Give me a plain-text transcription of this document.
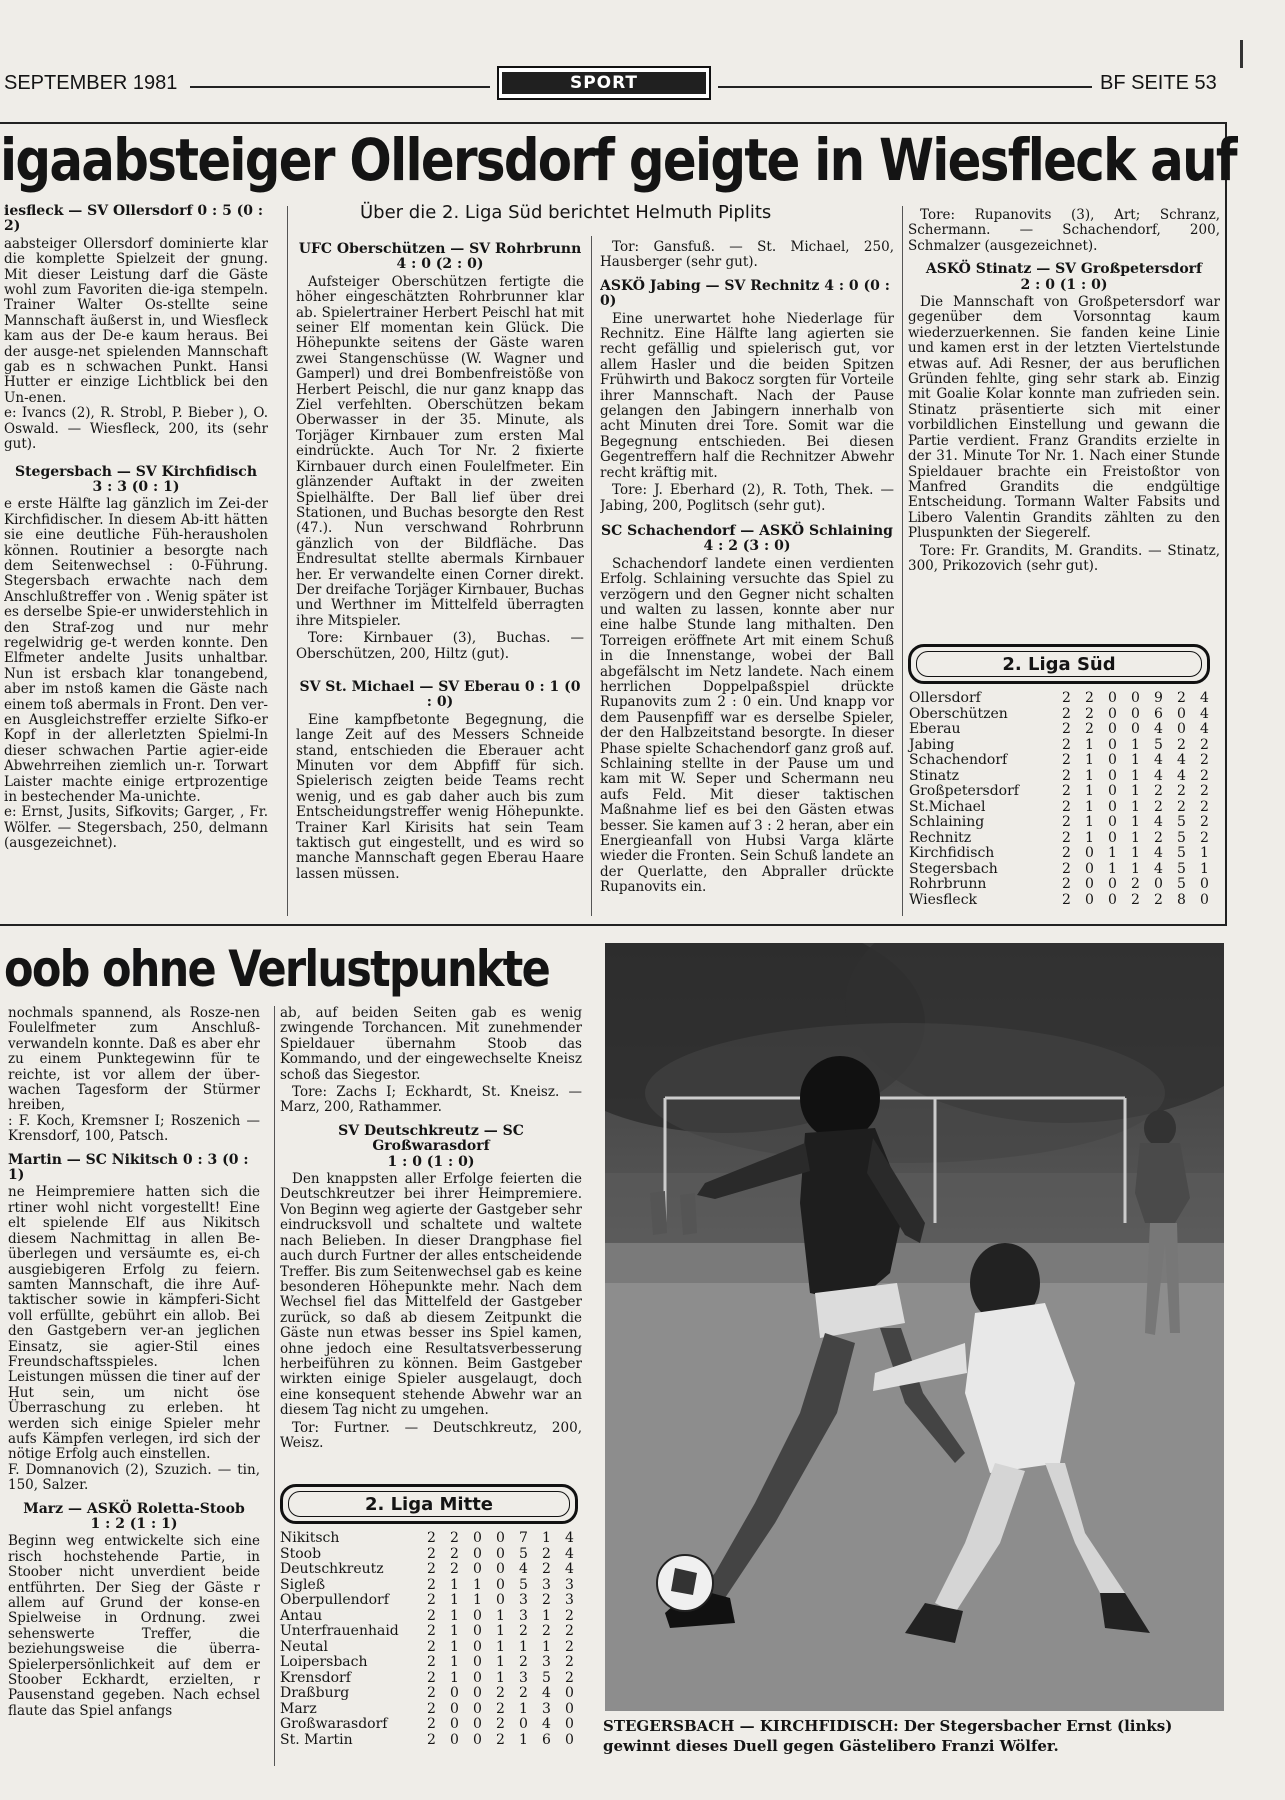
SEPTEMBER 1981	SPORT	BF SEITE 53
igaabsteiger Ollersdorf geigte in Wiesfleck auf
Über die 2. Liga Süd berichtet Helmuth Piplits
iesfleck — SV Ollersdorf 0 : 5 (0 : 2)

aabsteiger Ollersdorf dominierte klar die komplette Spielzeit der gnung. Mit dieser Leistung darf die Gäste wohl zum Favoriten die-iga stempeln. Trainer Walter Os-stellte seine Mannschaft äußerst in, und Wiesfleck kam aus der De-e kaum heraus. Bei der ausge-net spielenden Mannschaft gab es n schwachen Punkt. Hansi Hutter er einzige Lichtblick bei den Un-enen.

e: Ivancs (2), R. Strobl, P. Bieber ), O. Oswald. — Wiesfleck, 200, its (sehr gut).

Stegersbach — SV Kirchfidisch
3 : 3 (0 : 1)

e erste Hälfte lag gänzlich im Zei-der Kirchfidischer. In diesem Ab-itt hätten sie eine deutliche Füh-herausholen können. Routinier a besorgte nach dem Seitenwechsel : 0-Führung. Stegersbach erwachte nach dem Anschlußtreffer von . Wenig später ist es derselbe Spie-er unwiderstehlich in den Straf-zog und nur mehr regelwidrig ge-t werden konnte. Den Elfmeter andelte Jusits unhaltbar. Nun ist ersbach klar tonangebend, aber im nstoß kamen die Gäste nach einem toß abermals in Front. Den ver-en Ausgleichstreffer erzielte Sifko-er Kopf in der allerletzten Spielmi-In dieser schwachen Partie agier-eide Abwehrreihen ziemlich un-r. Torwart Laister machte einige ertprozentige in bestechender Ma-unichte.

e: Ernst, Jusits, Sifkovits; Garger, , Fr. Wölfer. — Stegersbach, 250, delmann (ausgezeichnet).

UFC Oberschützen — SV Rohrbrunn
4 : 0 (2 : 0)

Aufsteiger Oberschützen fertigte die höher eingeschätzten Rohrbrunner klar ab. Spielertrainer Herbert Peischl hat mit seiner Elf momentan kein Glück. Die Höhepunkte seitens der Gäste waren zwei Stangenschüsse (W. Wagner und Gamperl) und drei Bombenfreistöße von Herbert Peischl, die nur ganz knapp das Ziel verfehlten. Oberschützen bekam Oberwasser in der 35. Minute, als Torjäger Kirnbauer zum ersten Mal eindrückte. Auch Tor Nr. 2 fixierte Kirnbauer durch einen Foulelfmeter. Ein glänzender Auftakt in der zweiten Spielhälfte. Der Ball lief über drei Stationen, und Buchas besorgte den Rest (47.). Nun verschwand Rohrbrunn gänzlich von der Bildfläche. Das Endresultat stellte abermals Kirnbauer her. Er verwandelte einen Corner direkt. Der dreifache Torjäger Kirnbauer, Buchas und Werthner im Mittelfeld überragten ihre Mitspieler.

Tore: Kirnbauer (3), Buchas. — Oberschützen, 200, Hiltz (gut).

SV St. Michael — SV Eberau 0 : 1 (0 : 0)

Eine kampfbetonte Begegnung, die lange Zeit auf des Messers Schneide stand, entschieden die Eberauer acht Minuten vor dem Abpfiff für sich. Spielerisch zeigten beide Teams recht wenig, und es gab daher auch bis zum Entscheidungstreffer wenig Höhepunkte. Trainer Karl Kirisits hat sein Team taktisch gut eingestellt, und es wird so manche Mannschaft gegen Eberau Haare lassen müssen.

Tor: Gansfuß. — St. Michael, 250, Hausberger (sehr gut).

ASKÖ Jabing — SV Rechnitz 4 : 0 (0 : 0)

Eine unerwartet hohe Niederlage für Rechnitz. Eine Hälfte lang agierten sie recht gefällig und spielerisch gut, vor allem Hasler und die beiden Spitzen Frühwirth und Bakocz sorgten für Vorteile ihrer Mannschaft. Nach der Pause gelangen den Jabingern innerhalb von acht Minuten drei Tore. Somit war die Begegnung entschieden. Bei diesen Gegentreffern half die Rechnitzer Abwehr recht kräftig mit.

Tore: J. Eberhard (2), R. Toth, Thek. — Jabing, 200, Poglitsch (sehr gut).

SC Schachendorf — ASKÖ Schlaining
4 : 2 (3 : 0)

Schachendorf landete einen verdienten Erfolg. Schlaining versuchte das Spiel zu verzögern und den Gegner nicht schalten und walten zu lassen, konnte aber nur eine halbe Stunde lang mithalten. Den Torreigen eröffnete Art mit einem Schuß in die Innenstange, wobei der Ball abgefälscht im Netz landete. Nach einem herrlichen Doppelpaßspiel drückte Rupanovits zum 2 : 0 ein. Und knapp vor dem Pausenpfiff war es derselbe Spieler, der den Halbzeitstand besorgte. In dieser Phase spielte Schachendorf ganz groß auf. Schlaining stellte in der Pause um und kam mit W. Seper und Schermann neu aufs Feld. Mit dieser taktischen Maßnahme lief es bei den Gästen etwas besser. Sie kamen auf 3 : 2 heran, aber ein Energieanfall von Hubsi Varga klärte wieder die Fronten. Sein Schuß landete an der Querlatte, den Abpraller drückte Rupanovits ein.

Tore: Rupanovits (3), Art; Schranz, Schermann. — Schachendorf, 200, Schmalzer (ausgezeichnet).

ASKÖ Stinatz — SV Großpetersdorf
2 : 0 (1 : 0)

Die Mannschaft von Großpetersdorf war gegenüber dem Vorsonntag kaum wiederzuerkennen. Sie fanden keine Linie und kamen erst in der letzten Viertelstunde etwas auf. Adi Resner, der aus beruflichen Gründen fehlte, ging sehr stark ab. Einzig mit Goalie Kolar konnte man zufrieden sein. Stinatz präsentierte sich mit einer vorbildlichen Einstellung und gewann die Partie verdient. Franz Grandits erzielte in der 31. Minute Tor Nr. 1. Nach einer Stunde Spieldauer brachte ein Freistoßtor von Manfred Grandits die endgültige Entscheidung. Tormann Walter Fabsits und Libero Valentin Grandits zählten zu den Pluspunkten der Siegerelf.

Tore: Fr. Grandits, M. Grandits. — Stinatz, 300, Prikozovich (sehr gut).

2. Liga Süd
Ollersdorf	2	2	0	0	9	2	4
Oberschützen	2	2	0	0	6	0	4
Eberau	2	2	0	0	4	0	4
Jabing	2	1	0	1	5	2	2
Schachendorf	2	1	0	1	4	4	2
Stinatz	2	1	0	1	4	4	2
Großpetersdorf	2	1	0	1	2	2	2
St.Michael	2	1	0	1	2	2	2
Schlaining	2	1	0	1	4	5	2
Rechnitz	2	1	0	1	2	5	2
Kirchfidisch	2	0	1	1	4	5	1
Stegersbach	2	0	1	1	4	5	1
Rohrbrunn	2	0	0	2	0	5	0
Wiesfleck	2	0	0	2	2	8	0
oob ohne Verlustpunkte

nochmals spannend, als Rosze-nen Foulelfmeter zum Anschluß-verwandeln konnte. Daß es aber ehr zu einem Punktegewinn für te reichte, ist vor allem der über-wachen Tagesform der Stürmer hreiben,

: F. Koch, Kremsner I; Roszenich — Krensdorf, 100, Patsch.

Martin — SC Nikitsch 0 : 3 (0 : 1)

ne Heimpremiere hatten sich die rtiner wohl nicht vorgestellt! Eine elt spielende Elf aus Nikitsch diesem Nachmittag in allen Be-überlegen und versäumte es, ei-ch ausgiebigeren Erfolg zu feiern. samten Mannschaft, die ihre Auf-taktischer sowie in kämpferi-Sicht voll erfüllte, gebührt ein allob. Bei den Gastgebern ver-an jeglichen Einsatz, sie agier-Stil eines Freundschaftsspieles. lchen Leistungen müssen die tiner auf der Hut sein, um nicht öse Überraschung zu erleben. ht werden sich einige Spieler mehr aufs Kämpfen verlegen, ird sich der nötige Erfolg auch einstellen.

F. Domnanovich (2), Szuzich. — tin, 150, Salzer.

Marz — ASKÖ Roletta-Stoob
1 : 2 (1 : 1)

Beginn weg entwickelte sich eine risch hochstehende Partie, in Stoober nicht unverdient beide entführten. Der Sieg der Gäste r allem auf Grund der konse-en Spielweise in Ordnung. zwei sehenswerte Treffer, die beziehungsweise die überra-Spielerpersönlichkeit auf dem er Stoober Eckhardt, erzielten, r Pausenstand gegeben. Nach echsel flaute das Spiel anfangs

ab, auf beiden Seiten gab es wenig zwingende Torchancen. Mit zunehmender Spieldauer übernahm Stoob das Kommando, und der eingewechselte Kneisz schoß das Siegestor.

Tore: Zachs I; Eckhardt, St. Kneisz. — Marz, 200, Rathammer.

SV Deutschkreutz — SC Großwarasdorf
1 : 0 (1 : 0)

Den knappsten aller Erfolge feierten die Deutschkreutzer bei ihrer Heimpremiere. Von Beginn weg agierte der Gastgeber sehr eindrucksvoll und schaltete und waltete nach Belieben. In dieser Drangphase fiel auch durch Furtner der alles entscheidende Treffer. Bis zum Seitenwechsel gab es keine besonderen Höhepunkte mehr. Nach dem Wechsel fiel das Mittelfeld der Gastgeber zurück, so daß ab diesem Zeitpunkt die Gäste nun etwas besser ins Spiel kamen, ohne jedoch eine Resultatsverbesserung herbeiführen zu können. Beim Gastgeber wirkten einige Spieler ausgelaugt, doch eine konsequent stehende Abwehr war an diesem Tag nicht zu umgehen.

Tor: Furtner. — Deutschkreutz, 200, Weisz.

2. Liga Mitte
Nikitsch	2	2	0	0	7	1	4
Stoob	2	2	0	0	5	2	4
Deutschkreutz	2	2	0	0	4	2	4
Sigleß	2	1	1	0	5	3	3
Oberpullendorf	2	1	1	0	3	2	3
Antau	2	1	0	1	3	1	2
Unterfrauenhaid	2	1	0	1	2	2	2
Neutal	2	1	0	1	1	1	2
Loipersbach	2	1	0	1	2	3	2
Krensdorf	2	1	0	1	3	5	2
Draßburg	2	0	0	2	2	4	0
Marz	2	0	0	2	1	3	0
Großwarasdorf	2	0	0	2	0	4	0
St. Martin	2	0	0	2	1	6	0
STEGERSBACH — KIRCHFIDISCH: Der Stegersbacher Ernst (links) gewinnt dieses Duell gegen Gästelibero Franzi Wölfer.
